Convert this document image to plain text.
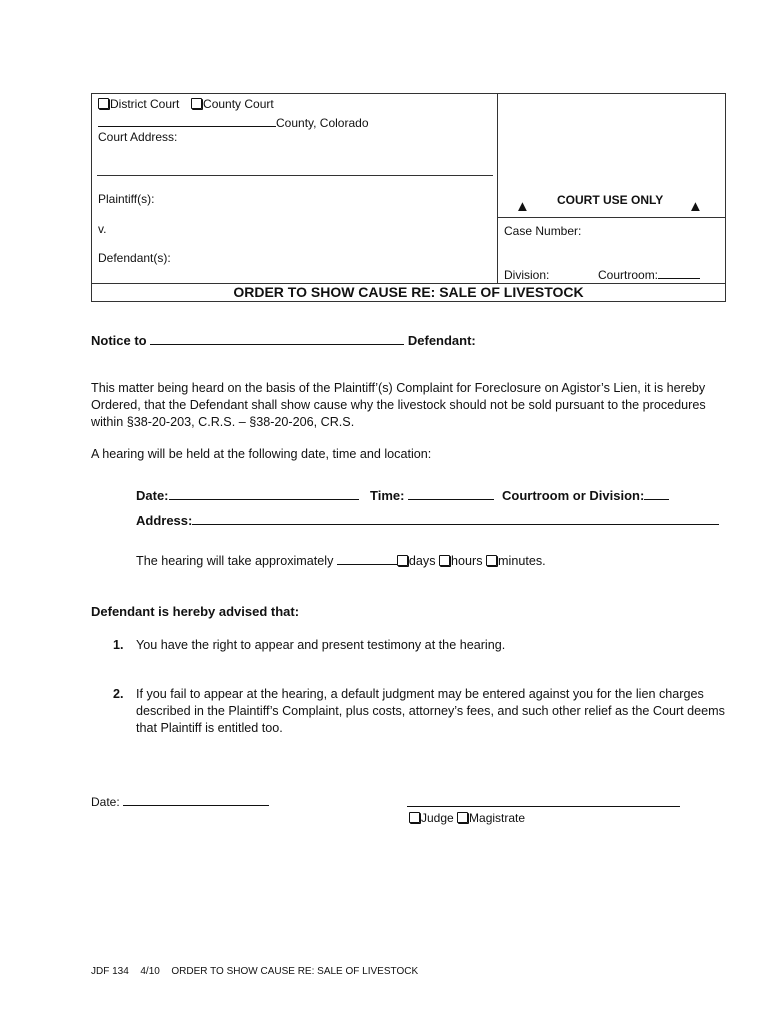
District Court County Court
County, Colorado
Court Address:
Plaintiff(s):
v.
Defendant(s):
▲ COURT USE ONLY ▲
Case Number:
Division:	Courtroom:
ORDER TO SHOW CAUSE RE: SALE OF LIVESTOCK
Notice to	Defendant:
This matter being heard on the basis of the Plaintiff’(s) Complaint for Foreclosure on Agistor’s Lien, it is hereby Ordered, that the Defendant shall show cause why the livestock should not be sold pursuant to the procedures within §38-20-203, C.R.S. – §38-20-206, CR.S.
A hearing will be held at the following date, time and location:
Date:	Time:	Courtroom or Division:
Address:
The hearing will take approximately	days hours minutes.
Defendant is hereby advised that:
1. You have the right to appear and present testimony at the hearing.
2. If you fail to appear at the hearing, a default judgment may be entered against you for the lien charges described in the Plaintiff’s Complaint, plus costs, attorney’s fees, and such other relief as the Court deems that Plaintiff is entitled too.
Date:
Judge Magistrate
JDF 134 4/10 ORDER TO SHOW CAUSE RE: SALE OF LIVESTOCK
